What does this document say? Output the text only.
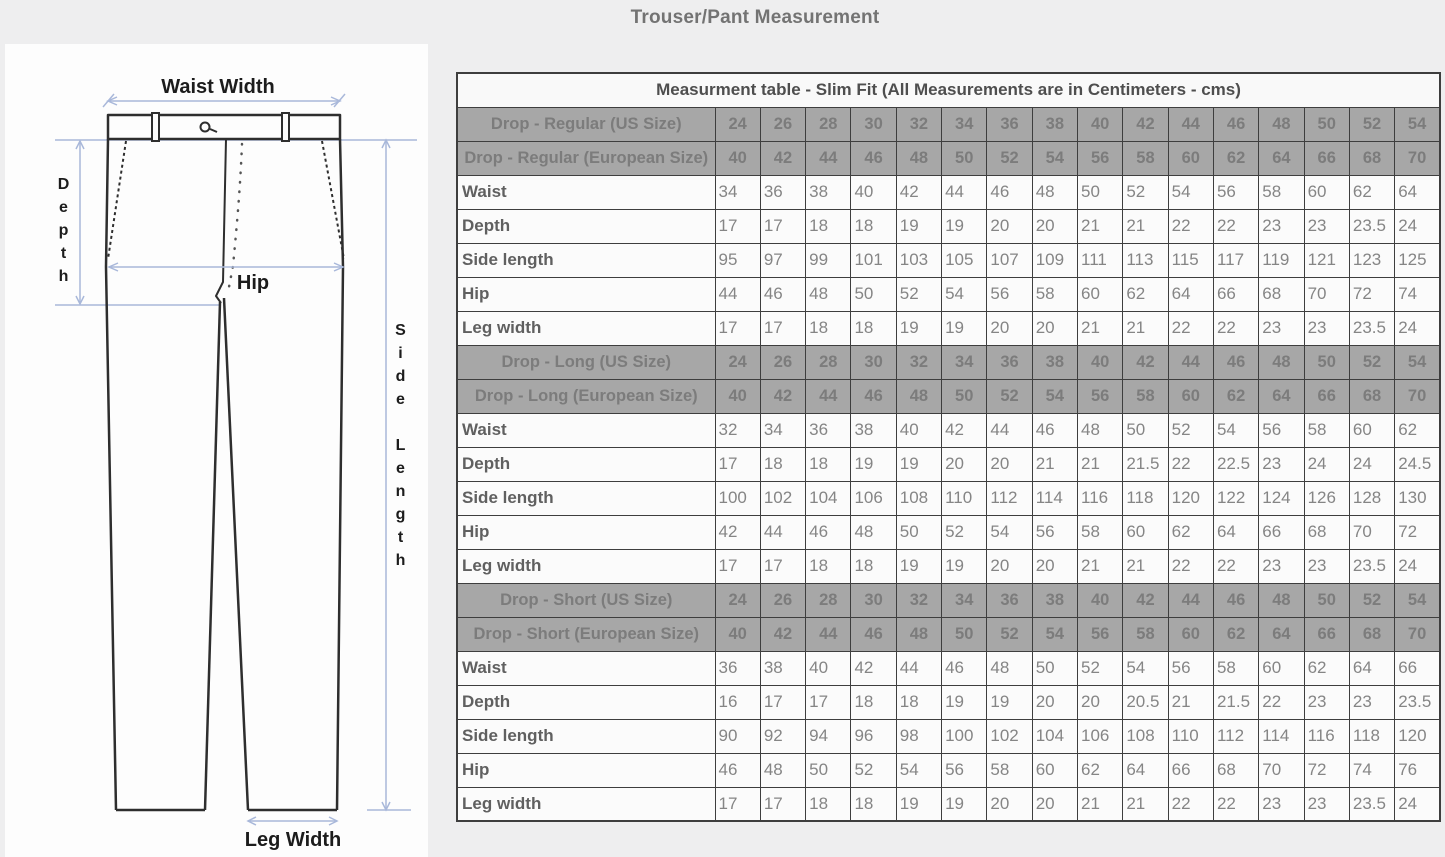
Trouser/Pant Measurement
Waist Width
Hip
Leg Width
Depth
Side Length
Measurment table - Slim Fit (All Measurements are in Centimeters - cms)																
Drop - Regular (US Size)	24	26	28	30	32	34	36	38	40	42	44	46	48	50	52	54
Drop - Regular (European Size)	40	42	44	46	48	50	52	54	56	58	60	62	64	66	68	70
Waist	34	36	38	40	42	44	46	48	50	52	54	56	58	60	62	64
Depth	17	17	18	18	19	19	20	20	21	21	22	22	23	23	23.5	24
Side length	95	97	99	101	103	105	107	109	111	113	115	117	119	121	123	125
Hip	44	46	48	50	52	54	56	58	60	62	64	66	68	70	72	74
Leg width	17	17	18	18	19	19	20	20	21	21	22	22	23	23	23.5	24
Drop - Long (US Size)	24	26	28	30	32	34	36	38	40	42	44	46	48	50	52	54
Drop - Long (European Size)	40	42	44	46	48	50	52	54	56	58	60	62	64	66	68	70
Waist	32	34	36	38	40	42	44	46	48	50	52	54	56	58	60	62
Depth	17	18	18	19	19	20	20	21	21	21.5	22	22.5	23	24	24	24.5
Side length	100	102	104	106	108	110	112	114	116	118	120	122	124	126	128	130
Hip	42	44	46	48	50	52	54	56	58	60	62	64	66	68	70	72
Leg width	17	17	18	18	19	19	20	20	21	21	22	22	23	23	23.5	24
Drop - Short (US Size)	24	26	28	30	32	34	36	38	40	42	44	46	48	50	52	54
Drop - Short (European Size)	40	42	44	46	48	50	52	54	56	58	60	62	64	66	68	70
Waist	36	38	40	42	44	46	48	50	52	54	56	58	60	62	64	66
Depth	16	17	17	18	18	19	19	20	20	20.5	21	21.5	22	23	23	23.5
Side length	90	92	94	96	98	100	102	104	106	108	110	112	114	116	118	120
Hip	46	48	50	52	54	56	58	60	62	64	66	68	70	72	74	76
Leg width	17	17	18	18	19	19	20	20	21	21	22	22	23	23	23.5	24
